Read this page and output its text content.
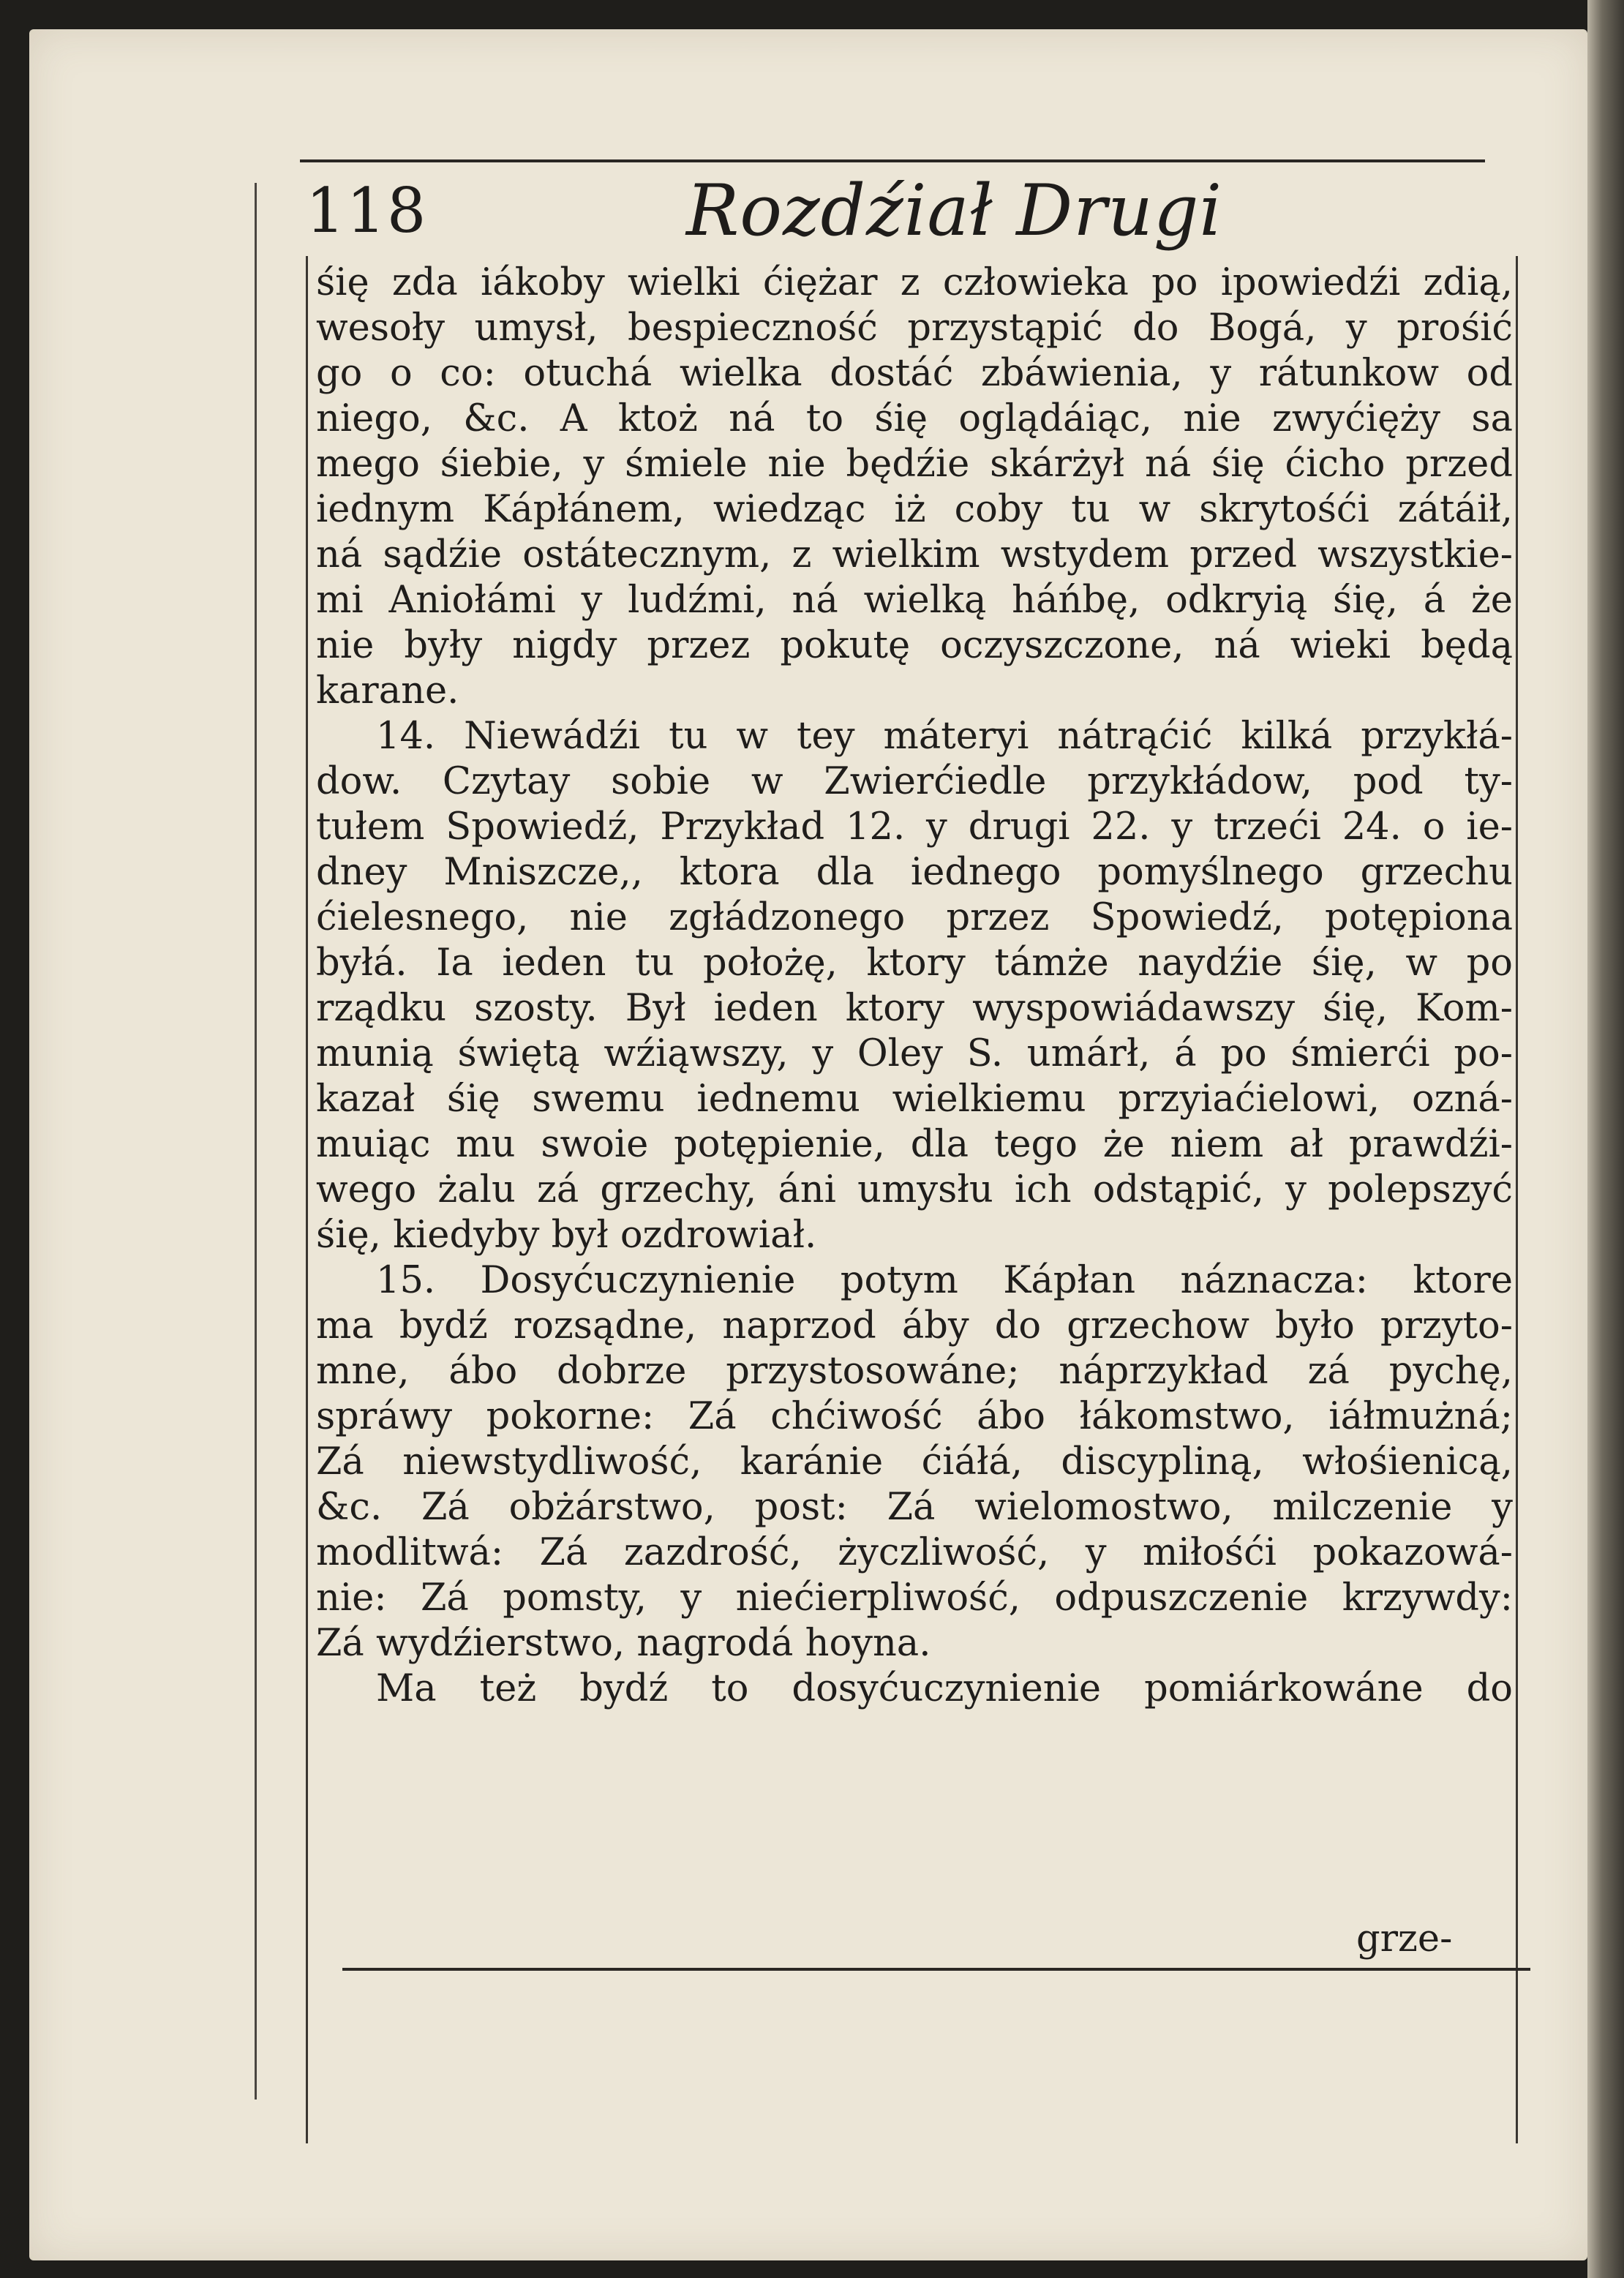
118	Rozdźiał Drugi
śię zda iákoby wielki ćiężar z człowieka po ipowiedźi zdią,
wesoły umysł, bespieczność przystąpić do Bogá, y prośić
go o co: otuchá wielka dostáć zbáwienia, y rátunkow od
niego, &c. A ktoż ná to śię oglądáiąc, nie zwyćięży sa
mego śiebie, y śmiele nie będźie skárżył ná śię ćicho przed
iednym Kápłánem, wiedząc iż coby tu w skrytośći zátáił,
ná sądźie ostátecznym, z wielkim wstydem przed wszystkie-
mi Aniołámi y ludźmi, ná wielką háńbę, odkryią śię, á że
nie były nigdy przez pokutę oczyszczone, ná wieki będą
karane.
14. Niewádźi tu w tey máteryi nátrąćić kilká przykłá-
dow. Czytay sobie w Zwierćiedle przykłádow, pod ty-
tułem Spowiedź, Przykład 12. y drugi 22. y trzeći 24. o ie-
dney Mniszcze,, ktora dla iednego pomyślnego grzechu
ćielesnego, nie zgłádzonego przez Spowiedź, potępiona
byłá. Ia ieden tu położę, ktory támże naydźie śię, w po
rządku szosty. Był ieden ktory wyspowiádawszy śię, Kom-
munią świętą wźiąwszy, y Oley S. umárł, á po śmierći po-
kazał śię swemu iednemu wielkiemu przyiaćielowi, ozná-
muiąc mu swoie potępienie, dla tego że niem ał prawdźi-
wego żalu zá grzechy, áni umysłu ich odstąpić, y polepszyć
śię, kiedyby był ozdrowiał.
15. Dosyćuczynienie potym Kápłan náznacza: ktore
ma bydź rozsądne, naprzod áby do grzechow było przyto-
mne, ábo dobrze przystosowáne; náprzykład zá pychę,
spráwy pokorne: Zá chćiwość ábo łákomstwo, iáłmużná;
Zá niewstydliwość, karánie ćiáłá, discypliną, włośienicą,
&c. Zá obżárstwo, post: Zá wielomostwo, milczenie y
modlitwá: Zá zazdrość, życzliwość, y miłośći pokazowá-
nie: Zá pomsty, y niećierpliwość, odpuszczenie krzywdy:
Zá wydźierstwo, nagrodá hoyna.
Ma też bydź to dosyćuczynienie pomiárkowáne do
grze-
